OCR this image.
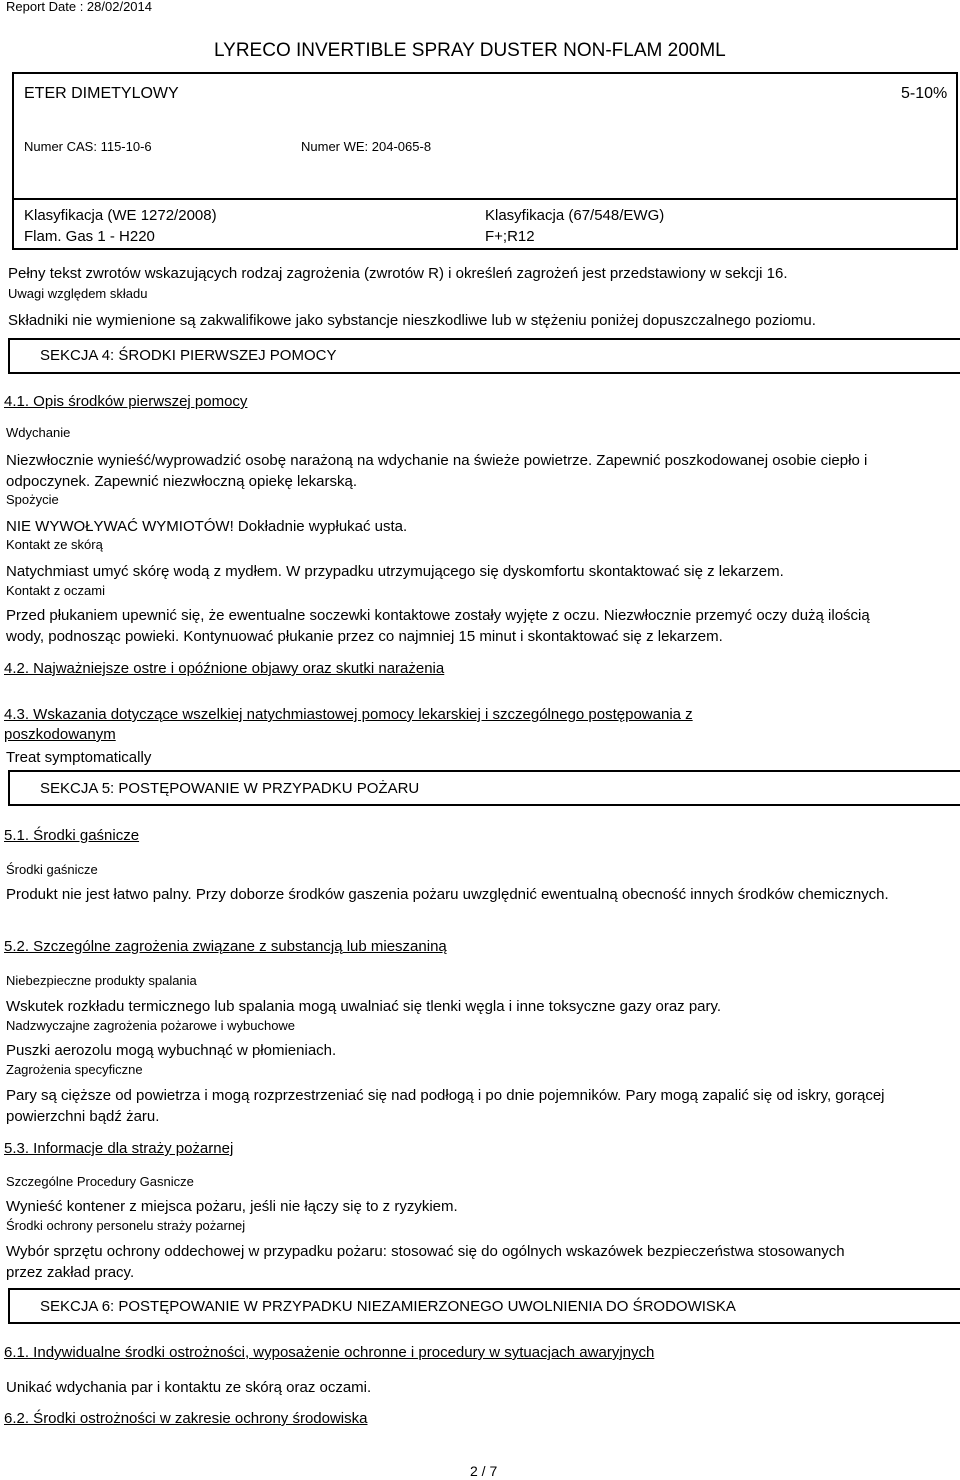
Report Date : 28/02/2014
LYRECO INVERTIBLE SPRAY DUSTER NON-FLAM 200ML
ETER DIMETYLOWY	5-10%
Numer CAS: 115-10-6	Numer WE: 204-065-8
Klasyfikacja (WE 1272/2008)
Flam. Gas 1 - H220
Klasyfikacja (67/548/EWG)
F+;R12
Pełny tekst zwrotów wskazujących rodzaj zagrożenia (zwrotów R) i określeń zagrożeń jest przedstawiony w sekcji 16.
Uwagi względem składu
Składniki nie wymienione są zakwalifikowe jako sybstancje nieszkodliwe lub w stężeniu poniżej dopuszczalnego poziomu.
SEKCJA 4: ŚRODKI PIERWSZEJ POMOCY
4.1. Opis środków pierwszej pomocy
Wdychanie
Niezwłocznie wynieść/wyprowadzić osobę narażoną na wdychanie na świeże powietrze. Zapewnić poszkodowanej osobie ciepło i odpoczynek. Zapewnić niezwłoczną opiekę lekarską.
Spożycie
NIE WYWOŁYWAĆ WYMIOTÓW! Dokładnie wypłukać usta.
Kontakt ze skórą
Natychmiast umyć skórę wodą z mydłem. W przypadku utrzymującego się dyskomfortu skontaktować się z lekarzem.
Kontakt z oczami
Przed płukaniem upewnić się, że ewentualne soczewki kontaktowe zostały wyjęte z oczu. Niezwłocznie przemyć oczy dużą ilością wody, podnosząc powieki. Kontynuować płukanie przez co najmniej 15 minut i skontaktować się z lekarzem.
4.2. Najważniejsze ostre i opóźnione objawy oraz skutki narażenia
4.3. Wskazania dotyczące wszelkiej natychmiastowej pomocy lekarskiej i szczególnego postępowania z poszkodowanym
Treat symptomatically
SEKCJA 5: POSTĘPOWANIE W PRZYPADKU POŻARU
5.1. Środki gaśnicze
Środki gaśnicze
Produkt nie jest łatwo palny. Przy doborze środków gaszenia pożaru uwzględnić ewentualną obecność innych środków chemicznych.
5.2. Szczególne zagrożenia związane z substancją lub mieszaniną
Niebezpieczne produkty spalania
Wskutek rozkładu termicznego lub spalania mogą uwalniać się tlenki węgla i inne toksyczne gazy oraz pary.
Nadzwyczajne zagrożenia pożarowe i wybuchowe
Puszki aerozolu mogą wybuchnąć w płomieniach.
Zagrożenia specyficzne
Pary są cięższe od powietrza i mogą rozprzestrzeniać się nad podłogą i po dnie pojemników. Pary mogą zapalić się od iskry, gorącej powierzchni bądź żaru.
5.3. Informacje dla straży pożarnej
Szczególne Procedury Gasnicze
Wynieść kontener z miejsca pożaru, jeśli nie łączy się to z ryzykiem.
Środki ochrony personelu straży pożarnej
Wybór sprzętu ochrony oddechowej w przypadku pożaru: stosować się do ogólnych wskazówek bezpieczeństwa stosowanych przez zakład pracy.
SEKCJA 6: POSTĘPOWANIE W PRZYPADKU NIEZAMIERZONEGO UWOLNIENIA DO ŚRODOWISKA
6.1. Indywidualne środki ostrożności, wyposażenie ochronne i procedury w sytuacjach awaryjnych
Unikać wdychania par i kontaktu ze skórą oraz oczami.
6.2. Środki ostrożności w zakresie ochrony środowiska
2 / 7
